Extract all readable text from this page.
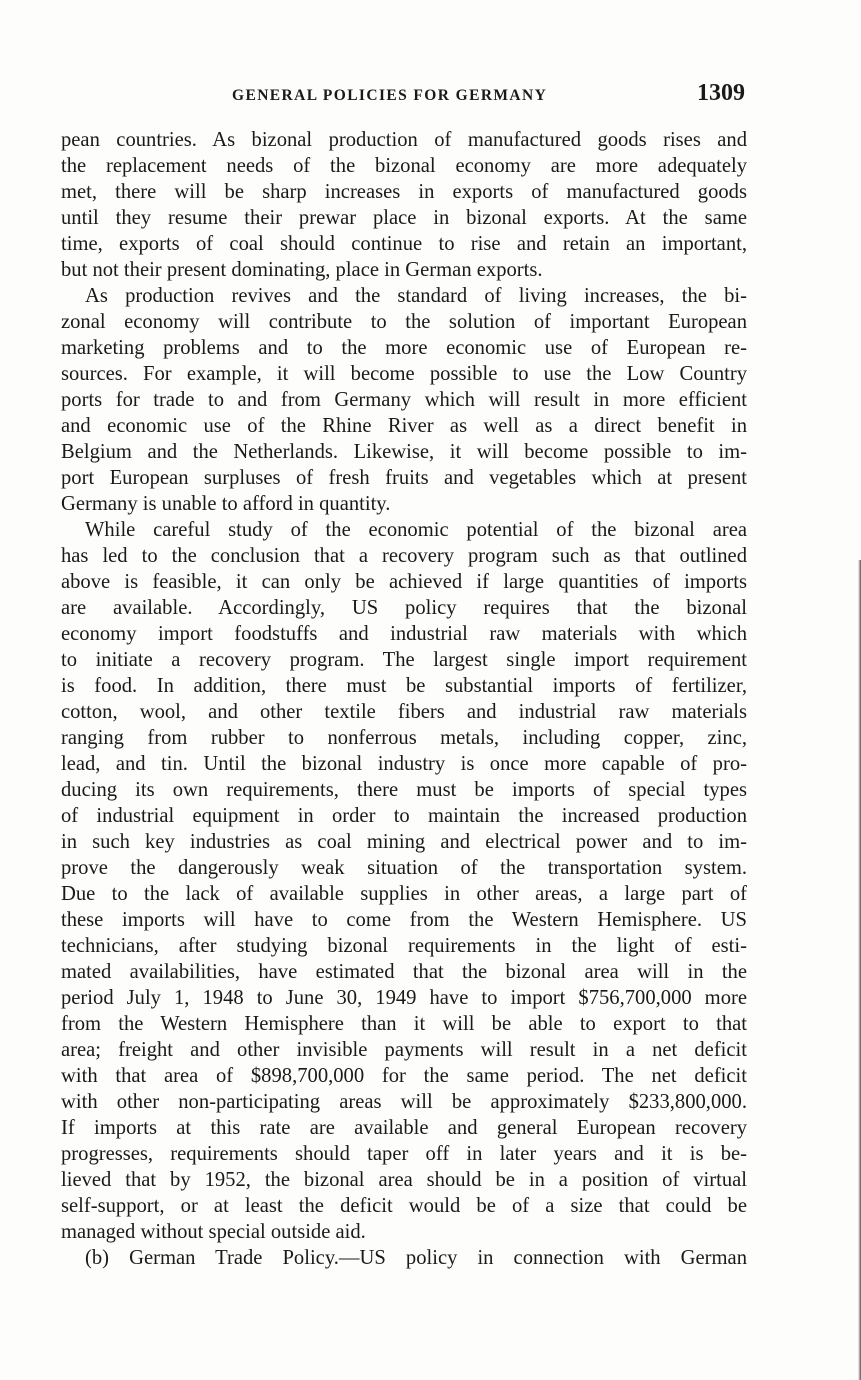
GENERAL POLICIES FOR GERMANY	1309
pean countries. As bizonal production of manufactured goods rises and
the replacement needs of the bizonal economy are more adequately
met, there will be sharp increases in exports of manufactured goods
until they resume their prewar place in bizonal exports. At the same
time, exports of coal should continue to rise and retain an important,
but not their present dominating, place in German exports.
As production revives and the standard of living increases, the bi-
zonal economy will contribute to the solution of important European
marketing problems and to the more economic use of European re-
sources. For example, it will become possible to use the Low Country
ports for trade to and from Germany which will result in more efficient
and economic use of the Rhine River as well as a direct benefit in
Belgium and the Netherlands. Likewise, it will become possible to im-
port European surpluses of fresh fruits and vegetables which at present
Germany is unable to afford in quantity.
While careful study of the economic potential of the bizonal area
has led to the conclusion that a recovery program such as that outlined
above is feasible, it can only be achieved if large quantities of imports
are available. Accordingly, US policy requires that the bizonal
economy import foodstuffs and industrial raw materials with which
to initiate a recovery program. The largest single import requirement
is food. In addition, there must be substantial imports of fertilizer,
cotton, wool, and other textile fibers and industrial raw materials
ranging from rubber to nonferrous metals, including copper, zinc,
lead, and tin. Until the bizonal industry is once more capable of pro-
ducing its own requirements, there must be imports of special types
of industrial equipment in order to maintain the increased production
in such key industries as coal mining and electrical power and to im-
prove the dangerously weak situation of the transportation system.
Due to the lack of available supplies in other areas, a large part of
these imports will have to come from the Western Hemisphere. US
technicians, after studying bizonal requirements in the light of esti-
mated availabilities, have estimated that the bizonal area will in the
period July 1, 1948 to June 30, 1949 have to import $756,700,000 more
from the Western Hemisphere than it will be able to export to that
area; freight and other invisible payments will result in a net deficit
with that area of $898,700,000 for the same period. The net deficit
with other non-participating areas will be approximately $233,800,000.
If imports at this rate are available and general European recovery
progresses, requirements should taper off in later years and it is be-
lieved that by 1952, the bizonal area should be in a position of virtual
self-support, or at least the deficit would be of a size that could be
managed without special outside aid.
(b) German Trade Policy.—US policy in connection with German
